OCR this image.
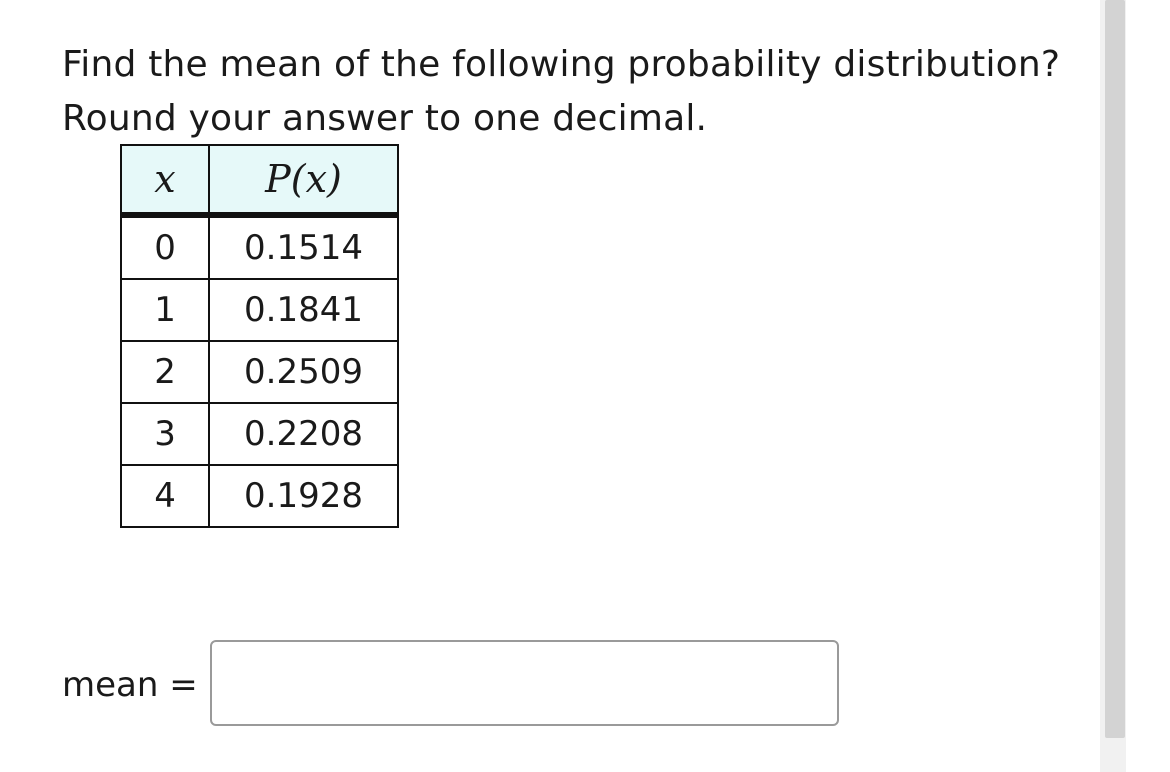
Find the mean of the following probability distribution?
Round your answer to one decimal.
x	P(x)
0	0.1514
1	0.1841
2	0.2509
3	0.2208
4	0.1928
mean =
